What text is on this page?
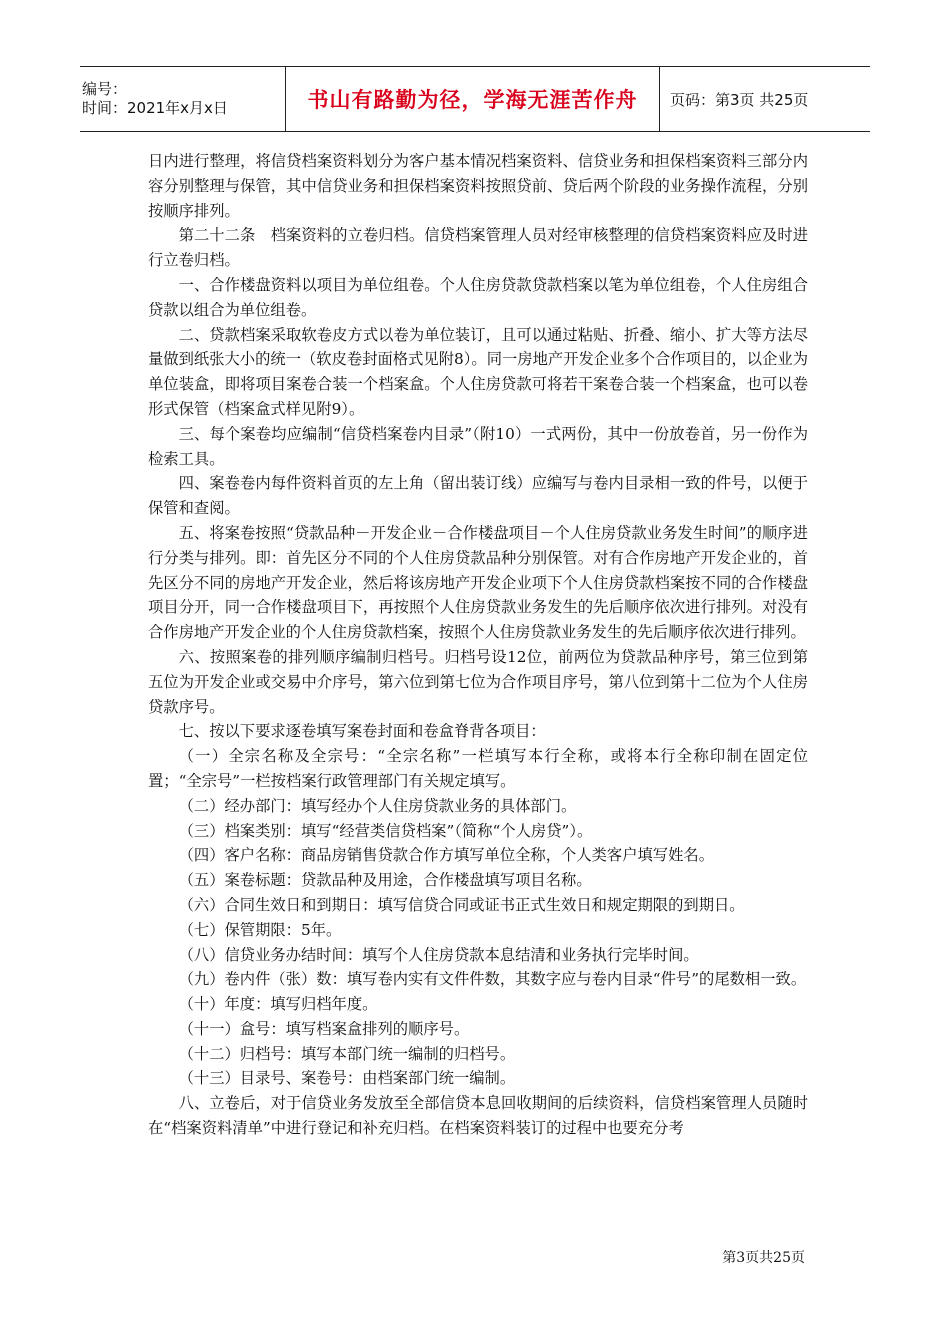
编号：
时间：2021年x月x日	书山有路勤为径，学海无涯苦作舟	页码：第3页 共25页

日内进行整理，将信贷档案资料划分为客户基本情况档案资料、信贷业务和担保档案资料三部分内容分别整理与保管，其中信贷业务和担保档案资料按照贷前、贷后两个阶段的业务操作流程，分别按顺序排列。

第二十二条　档案资料的立卷归档。信贷档案管理人员对经审核整理的信贷档案资料应及时进行立卷归档。

一、合作楼盘资料以项目为单位组卷。个人住房贷款贷款档案以笔为单位组卷，个人住房组合贷款以组合为单位组卷。

二、贷款档案采取软卷皮方式以卷为单位装订，且可以通过粘贴、折叠、缩小、扩大等方法尽量做到纸张大小的统一（软皮卷封面格式见附8）。同一房地产开发企业多个合作项目的，以企业为单位装盒，即将项目案卷合装一个档案盒。个人住房贷款可将若干案卷合装一个档案盒，也可以卷形式保管（档案盒式样见附9）。

三、每个案卷均应编制“信贷档案卷内目录”（附10）一式两份，其中一份放卷首，另一份作为检索工具。

四、案卷卷内每件资料首页的左上角（留出装订线）应编写与卷内目录相一致的件号，以便于保管和查阅。

五、将案卷按照“贷款品种－开发企业－合作楼盘项目－个人住房贷款业务发生时间”的顺序进行分类与排列。即：首先区分不同的个人住房贷款品种分别保管。对有合作房地产开发企业的，首先区分不同的房地产开发企业，然后将该房地产开发企业项下个人住房贷款档案按不同的合作楼盘项目分开，同一合作楼盘项目下，再按照个人住房贷款业务发生的先后顺序依次进行排列。对没有合作房地产开发企业的个人住房贷款档案，按照个人住房贷款业务发生的先后顺序依次进行排列。

六、按照案卷的排列顺序编制归档号。归档号设12位，前两位为贷款品种序号，第三位到第五位为开发企业或交易中介序号，第六位到第七位为合作项目序号，第八位到第十二位为个人住房贷款序号。

七、按以下要求逐卷填写案卷封面和卷盒脊背各项目：

（一）全宗名称及全宗号：“全宗名称”一栏填写本行全称，或将本行全称印制在固定位置；“全宗号”一栏按档案行政管理部门有关规定填写。

（二）经办部门：填写经办个人住房贷款业务的具体部门。

（三）档案类别：填写“经营类信贷档案”（简称“个人房贷”）。

（四）客户名称：商品房销售贷款合作方填写单位全称，个人类客户填写姓名。

（五）案卷标题：贷款品种及用途，合作楼盘填写项目名称。

（六）合同生效日和到期日：填写信贷合同或证书正式生效日和规定期限的到期日。

（七）保管期限：5年。

（八）信贷业务办结时间：填写个人住房贷款本息结清和业务执行完毕时间。

（九）卷内件（张）数：填写卷内实有文件件数，其数字应与卷内目录“件号”的尾数相一致。

（十）年度：填写归档年度。

（十一）盒号：填写档案盒排列的顺序号。

（十二）归档号：填写本部门统一编制的归档号。

（十三）目录号、案卷号：由档案部门统一编制。

八、立卷后，对于信贷业务发放至全部信贷本息回收期间的后续资料，信贷档案管理人员随时在“档案资料清单”中进行登记和补充归档。在档案资料装订的过程中也要充分考

第3页共25页
